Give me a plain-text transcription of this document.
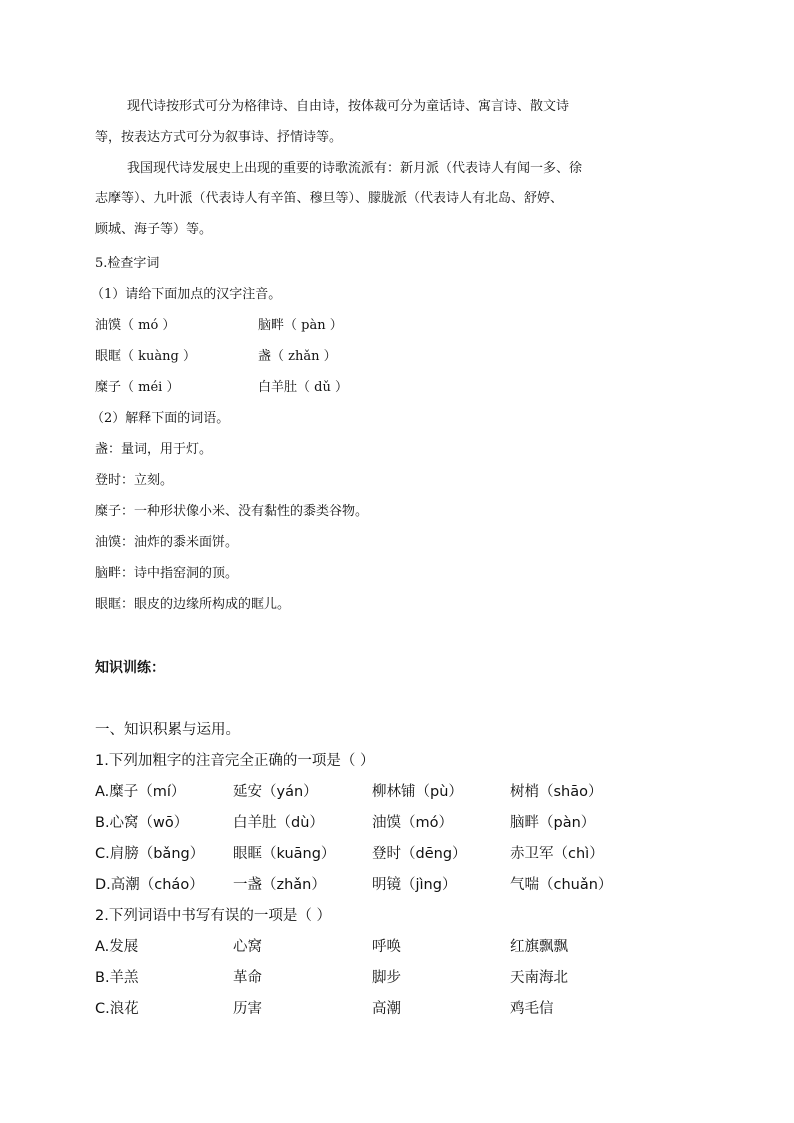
现代诗按形式可分为格律诗、自由诗，按体裁可分为童话诗、寓言诗、散文诗
等，按表达方式可分为叙事诗、抒情诗等。
我国现代诗发展史上出现的重要的诗歌流派有：新月派（代表诗人有闻一多、徐
志摩等）、九叶派（代表诗人有辛笛、穆旦等）、朦胧派（代表诗人有北岛、舒婷、
顾城、海子等）等。
5.检查字词
（1）请给下面加点的汉字注音。
油馍（ mó ）	脑畔（ pàn ）
眼眶（ kuàng ）	盏（ zhǎn ）
糜子（ méi ）	白羊肚（ dǔ ）
（2）解释下面的词语。
盏：量词，用于灯。
登时：立刻。
糜子：一种形状像小米、没有黏性的黍类谷物。
油馍：油炸的黍米面饼。
脑畔：诗中指窑洞的顶。
眼眶：眼皮的边缘所构成的眶儿。
知识训练：
一、知识积累与运用。
1.下列加粗字的注音完全正确的一项是（ ）
A.糜子（mí）	延安（yán）	柳林铺（pù）	树梢（shāo）
B.心窝（wō）	白羊肚（dù）	油馍（mó）	脑畔（pàn）
C.肩膀（bǎng） 眼眶（kuāng）	登时（dēng）	赤卫军（chì）
D.高潮（cháo） 一盏（zhǎn）	明镜（jìng）	气喘（chuǎn）
2.下列词语中书写有误的一项是（ ）
A.发展	心窝	呼唤	红旗飘飘
B.羊羔	革命	脚步	天南海北
C.浪花	历害	高潮	鸡毛信
